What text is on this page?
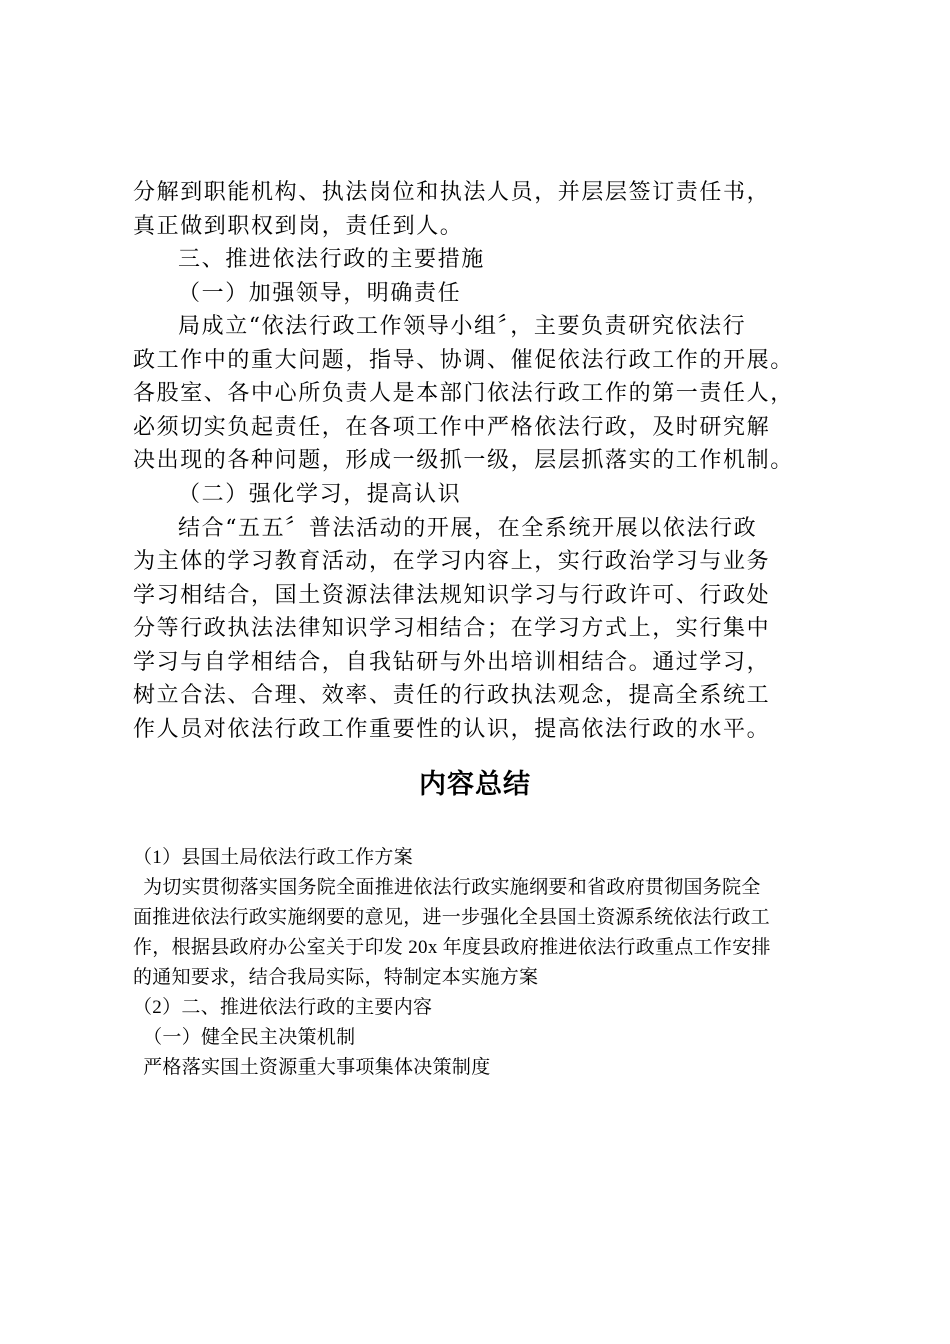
分解到职能机构、执法岗位和执法人员，并层层签订责任书，
真正做到职权到岗，责任到人。
三、推进依法行政的主要措施
（一）加强领导，明确责任
局成立“依法行政工作领导小组〞，主要负责研究依法行
政工作中的重大问题，指导、协调、催促依法行政工作的开展。
各股室、各中心所负责人是本部门依法行政工作的第一责任人，
必须切实负起责任，在各项工作中严格依法行政，及时研究解
决出现的各种问题，形成一级抓一级，层层抓落实的工作机制。
（二）强化学习，提高认识
结合“五五〞普法活动的开展，在全系统开展以依法行政
为主体的学习教育活动，在学习内容上，实行政治学习与业务
学习相结合，国土资源法律法规知识学习与行政许可、行政处
分等行政执法法律知识学习相结合；在学习方式上，实行集中
学习与自学相结合，自我钻研与外出培训相结合。通过学习，
树立合法、合理、效率、责任的行政执法观念，提高全系统工
作人员对依法行政工作重要性的认识，提高依法行政的水平。
内容总结
（1）县国土局依法行政工作方案
为切实贯彻落实国务院全面推进依法行政实施纲要和省政府贯彻国务院全
面推进依法行政实施纲要的意见，进一步强化全县国土资源系统依法行政工
作，根据县政府办公室关于印发 20x 年度县政府推进依法行政重点工作安排
的通知要求，结合我局实际，特制定本实施方案
（2）二、推进依法行政的主要内容
（一）健全民主决策机制
严格落实国土资源重大事项集体决策制度
